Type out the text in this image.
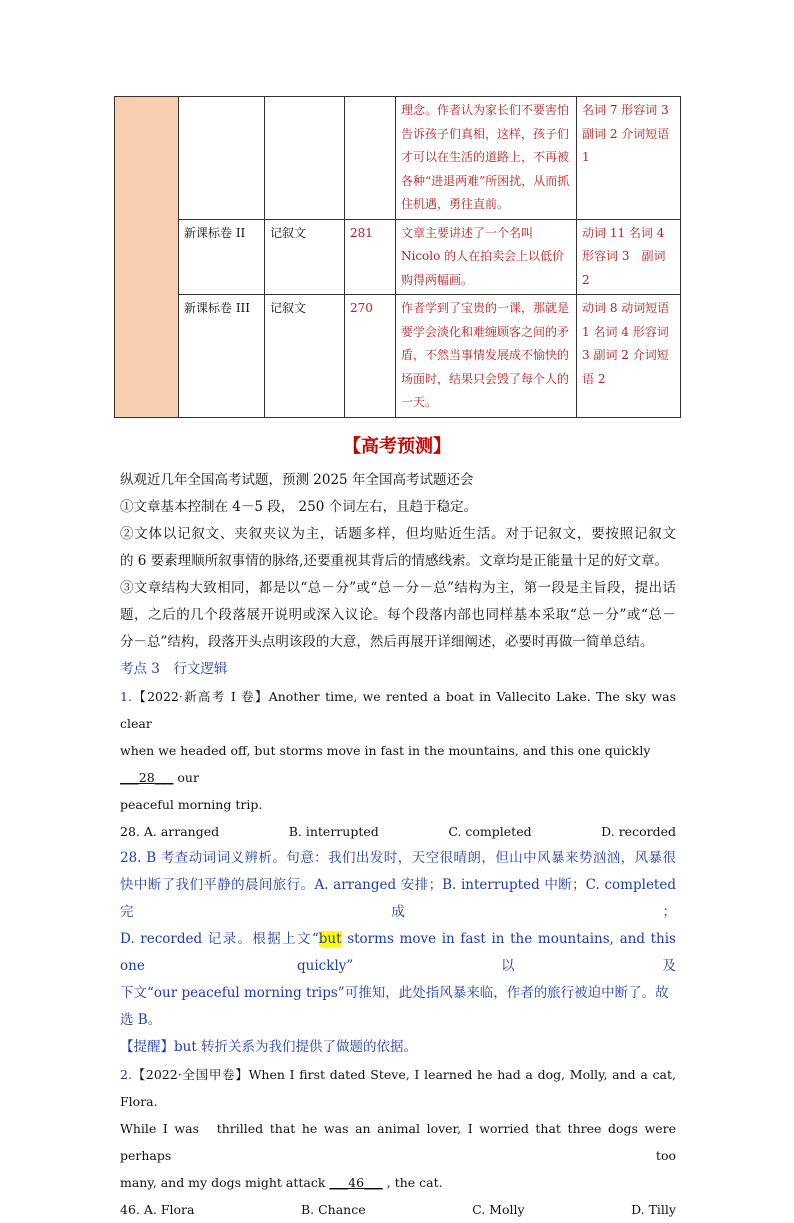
				理念。作者认为家长们不要害怕告诉孩子们真相，这样，孩子们才可以在生活的道路上，不再被各种“进退两难”所困扰，从而抓住机遇，勇往直前。	名词 7 形容词 3 副词 2 介词短语 1
	新课标卷 II	记叙文	281	文章主要讲述了一个名叫 Nicolo 的人在拍卖会上以低价购得两幅画。	动词 11 名词 4 形容词 3　副词 2
	新课标卷 III	记叙文	270	作者学到了宝贵的一课，那就是要学会淡化和难缠顾客之间的矛盾，不然当事情发展成不愉快的场面时，结果只会毁了每个人的一天。	动词 8 动词短语 1 名词 4 形容词 3 副词 2 介词短语 2
【高考预测】

纵观近几年全国高考试题，预测 2025 年全国高考试题还会

①文章基本控制在 4－5 段， 250 个词左右，且趋于稳定。

②文体以记叙文、夹叙夹议为主，话题多样，但均贴近生活。对于记叙文，要按照记叙文

的 6 要素理顺所叙事情的脉络,还要重视其背后的情感线索。文章均是正能量十足的好文章。

③文章结构大致相同，都是以“总－分”或“总－分－总”结构为主，第一段是主旨段，提出话

题，之后的几个段落展开说明或深入议论。每个段落内部也同样基本采取“总－分”或“总－

分－总”结构，段落开头点明该段的大意，然后再展开详细阐述，必要时再做一简单总结。

考点 3　行文逻辑

1.【2022·新高考 I 卷】Another time, we rented a boat in Vallecito Lake. The sky was clear

when we headed off, but storms move in fast in the mountains, and this one quickly ___28___ our

peaceful morning trip.

28. A. arranged	B. interrupted	C. completed	D. recorded

28. B 考查动词词义辨析。句意：我们出发时，天空很晴朗，但山中风暴来势汹汹，风暴很

快中断了我们平静的晨间旅行。A. arranged 安排；B. interrupted 中断；C. completed 完成；

D. recorded 记录。根据上文“but storms move in fast in the mountains, and this one quickly”以及

下文“our peaceful morning trips”可推知，此处指风暴来临，作者的旅行被迫中断了。故选 B。

【提醒】but 转折关系为我们提供了做题的依据。

2.【2022·全国甲卷】When I first dated Steve, I learned he had a dog, Molly, and a cat, Flora.

While I was　thrilled that he was an animal lover, I worried that three dogs were perhaps too

many, and my dogs might attack ___46___ , the cat.

46. A. Flora	B. Chance	C. Molly	D. Tilly
